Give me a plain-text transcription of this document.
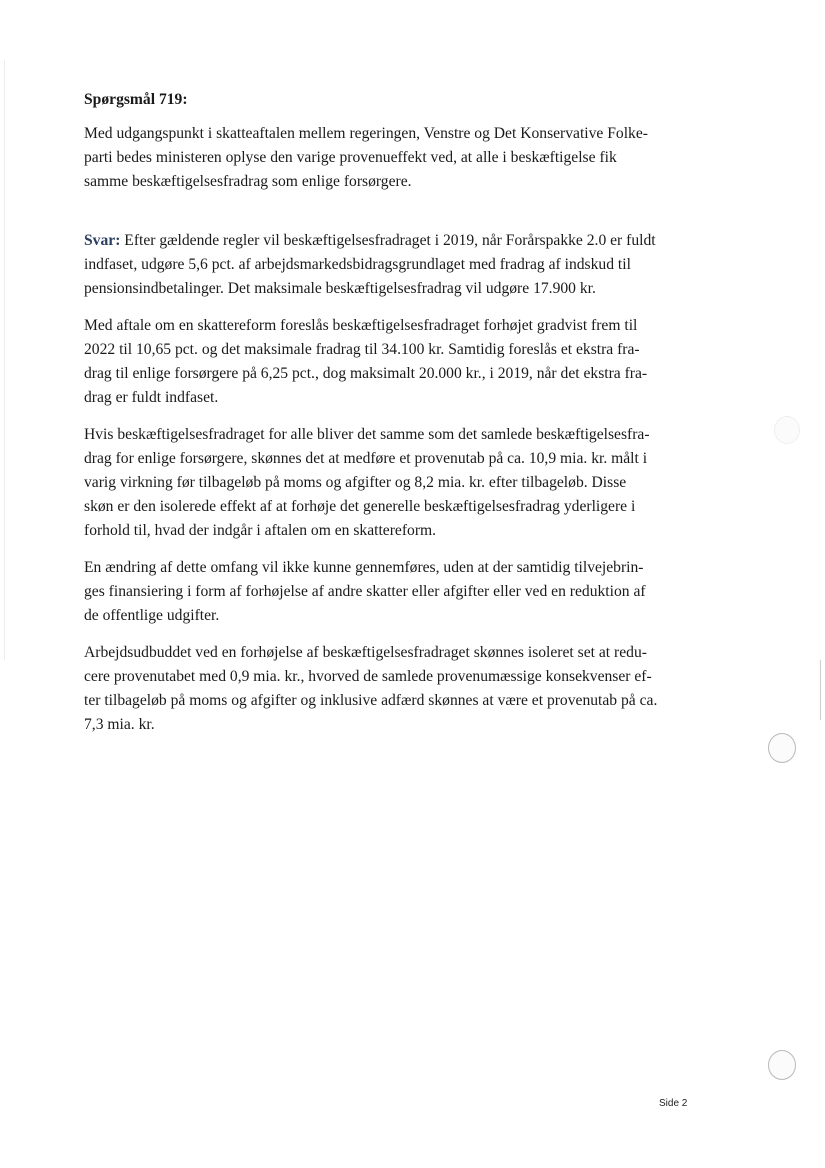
Spørgsmål 719:
Med udgangspunkt i skatteaftalen mellem regeringen, Venstre og Det Konservative Folke-
parti bedes ministeren oplyse den varige provenueffekt ved, at alle i beskæftigelse fik
samme beskæftigelsesfradrag som enlige forsørgere.
Svar: Efter gældende regler vil beskæftigelsesfradraget i 2019, når Forårspakke 2.0 er fuldt
indfaset, udgøre 5,6 pct. af arbejdsmarkedsbidragsgrundlaget med fradrag af indskud til
pensionsindbetalinger. Det maksimale beskæftigelsesfradrag vil udgøre 17.900 kr.
Med aftale om en skattereform foreslås beskæftigelsesfradraget forhøjet gradvist frem til
2022 til 10,65 pct. og det maksimale fradrag til 34.100 kr. Samtidig foreslås et ekstra fra-
drag til enlige forsørgere på 6,25 pct., dog maksimalt 20.000 kr., i 2019, når det ekstra fra-
drag er fuldt indfaset.
Hvis beskæftigelsesfradraget for alle bliver det samme som det samlede beskæftigelsesfra-
drag for enlige forsørgere, skønnes det at medføre et provenutab på ca. 10,9 mia. kr. målt i
varig virkning før tilbageløb på moms og afgifter og 8,2 mia. kr. efter tilbageløb. Disse
skøn er den isolerede effekt af at forhøje det generelle beskæftigelsesfradrag yderligere i
forhold til, hvad der indgår i aftalen om en skattereform.
En ændring af dette omfang vil ikke kunne gennemføres, uden at der samtidig tilvejebrin-
ges finansiering i form af forhøjelse af andre skatter eller afgifter eller ved en reduktion af
de offentlige udgifter.
Arbejdsudbuddet ved en forhøjelse af beskæftigelsesfradraget skønnes isoleret set at redu-
cere provenutabet med 0,9 mia. kr., hvorved de samlede provenumæssige konsekvenser ef-
ter tilbageløb på moms og afgifter og inklusive adfærd skønnes at være et provenutab på ca.
7,3 mia. kr.
Side 2
